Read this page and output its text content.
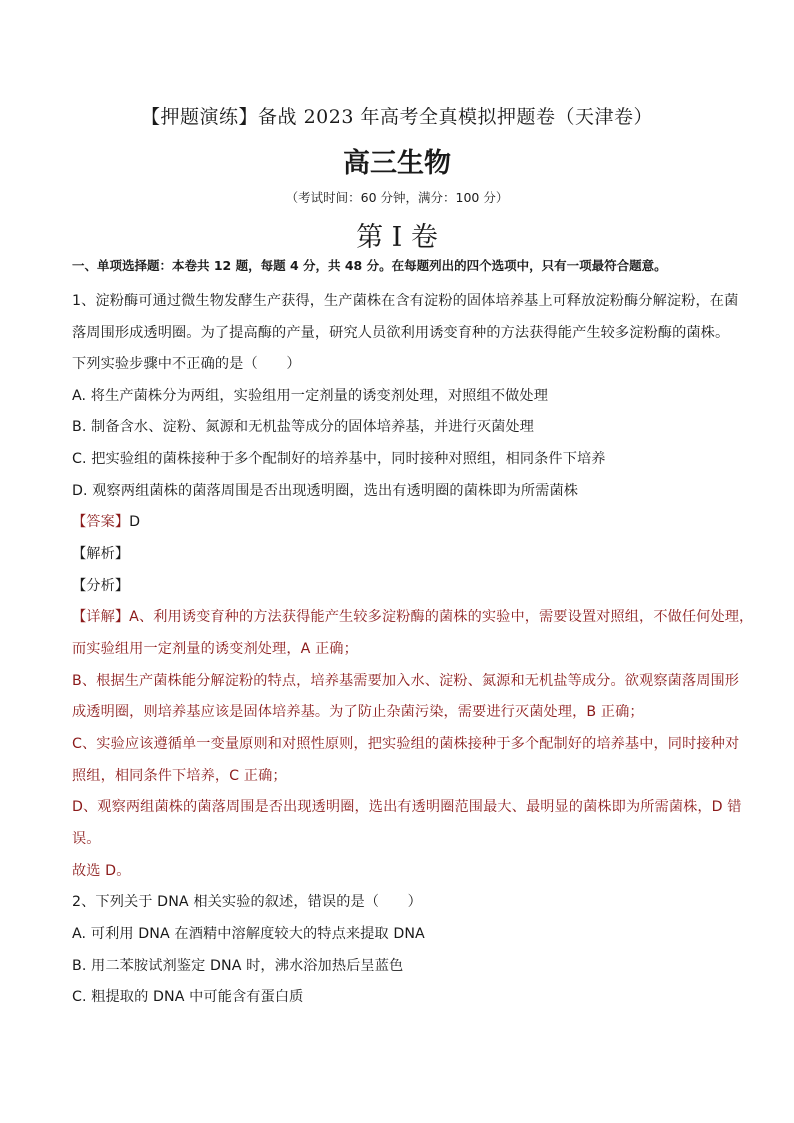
【押题演练】备战 2023 年高考全真模拟押题卷（天津卷）
高三生物
（考试时间：60 分钟，满分：100 分）
第 I 卷
一、单项选择题：本卷共 12 题，每题 4 分，共 48 分。在每题列出的四个选项中，只有一项最符合题意。
1、淀粉酶可通过微生物发酵生产获得，生产菌株在含有淀粉的固体培养基上可释放淀粉酶分解淀粉，在菌
落周围形成透明圈。为了提高酶的产量，研究人员欲利用诱变育种的方法获得能产生较多淀粉酶的菌株。
下列实验步骤中不正确的是（　　）
A. 将生产菌株分为两组，实验组用一定剂量的诱变剂处理，对照组不做处理
B. 制备含水、淀粉、氮源和无机盐等成分的固体培养基，并进行灭菌处理
C. 把实验组的菌株接种于多个配制好的培养基中，同时接种对照组，相同条件下培养
D. 观察两组菌株的菌落周围是否出现透明圈，选出有透明圈的菌株即为所需菌株
【答案】D
【解析】
【分析】
【详解】A、利用诱变育种的方法获得能产生较多淀粉酶的菌株的实验中，需要设置对照组，不做任何处理，
而实验组用一定剂量的诱变剂处理，A 正确；
B、根据生产菌株能分解淀粉的特点，培养基需要加入水、淀粉、氮源和无机盐等成分。欲观察菌落周围形
成透明圈，则培养基应该是固体培养基。为了防止杂菌污染，需要进行灭菌处理，B 正确；
C、实验应该遵循单一变量原则和对照性原则，把实验组的菌株接种于多个配制好的培养基中，同时接种对
照组，相同条件下培养，C 正确；
D、观察两组菌株的菌落周围是否出现透明圈，选出有透明圈范围最大、最明显的菌株即为所需菌株，D 错
误。
故选 D。
2、下列关于 DNA 相关实验的叙述，错误的是（　　）
A. 可利用 DNA 在酒精中溶解度较大的特点来提取 DNA
B. 用二苯胺试剂鉴定 DNA 时，沸水浴加热后呈蓝色
C. 粗提取的 DNA 中可能含有蛋白质
